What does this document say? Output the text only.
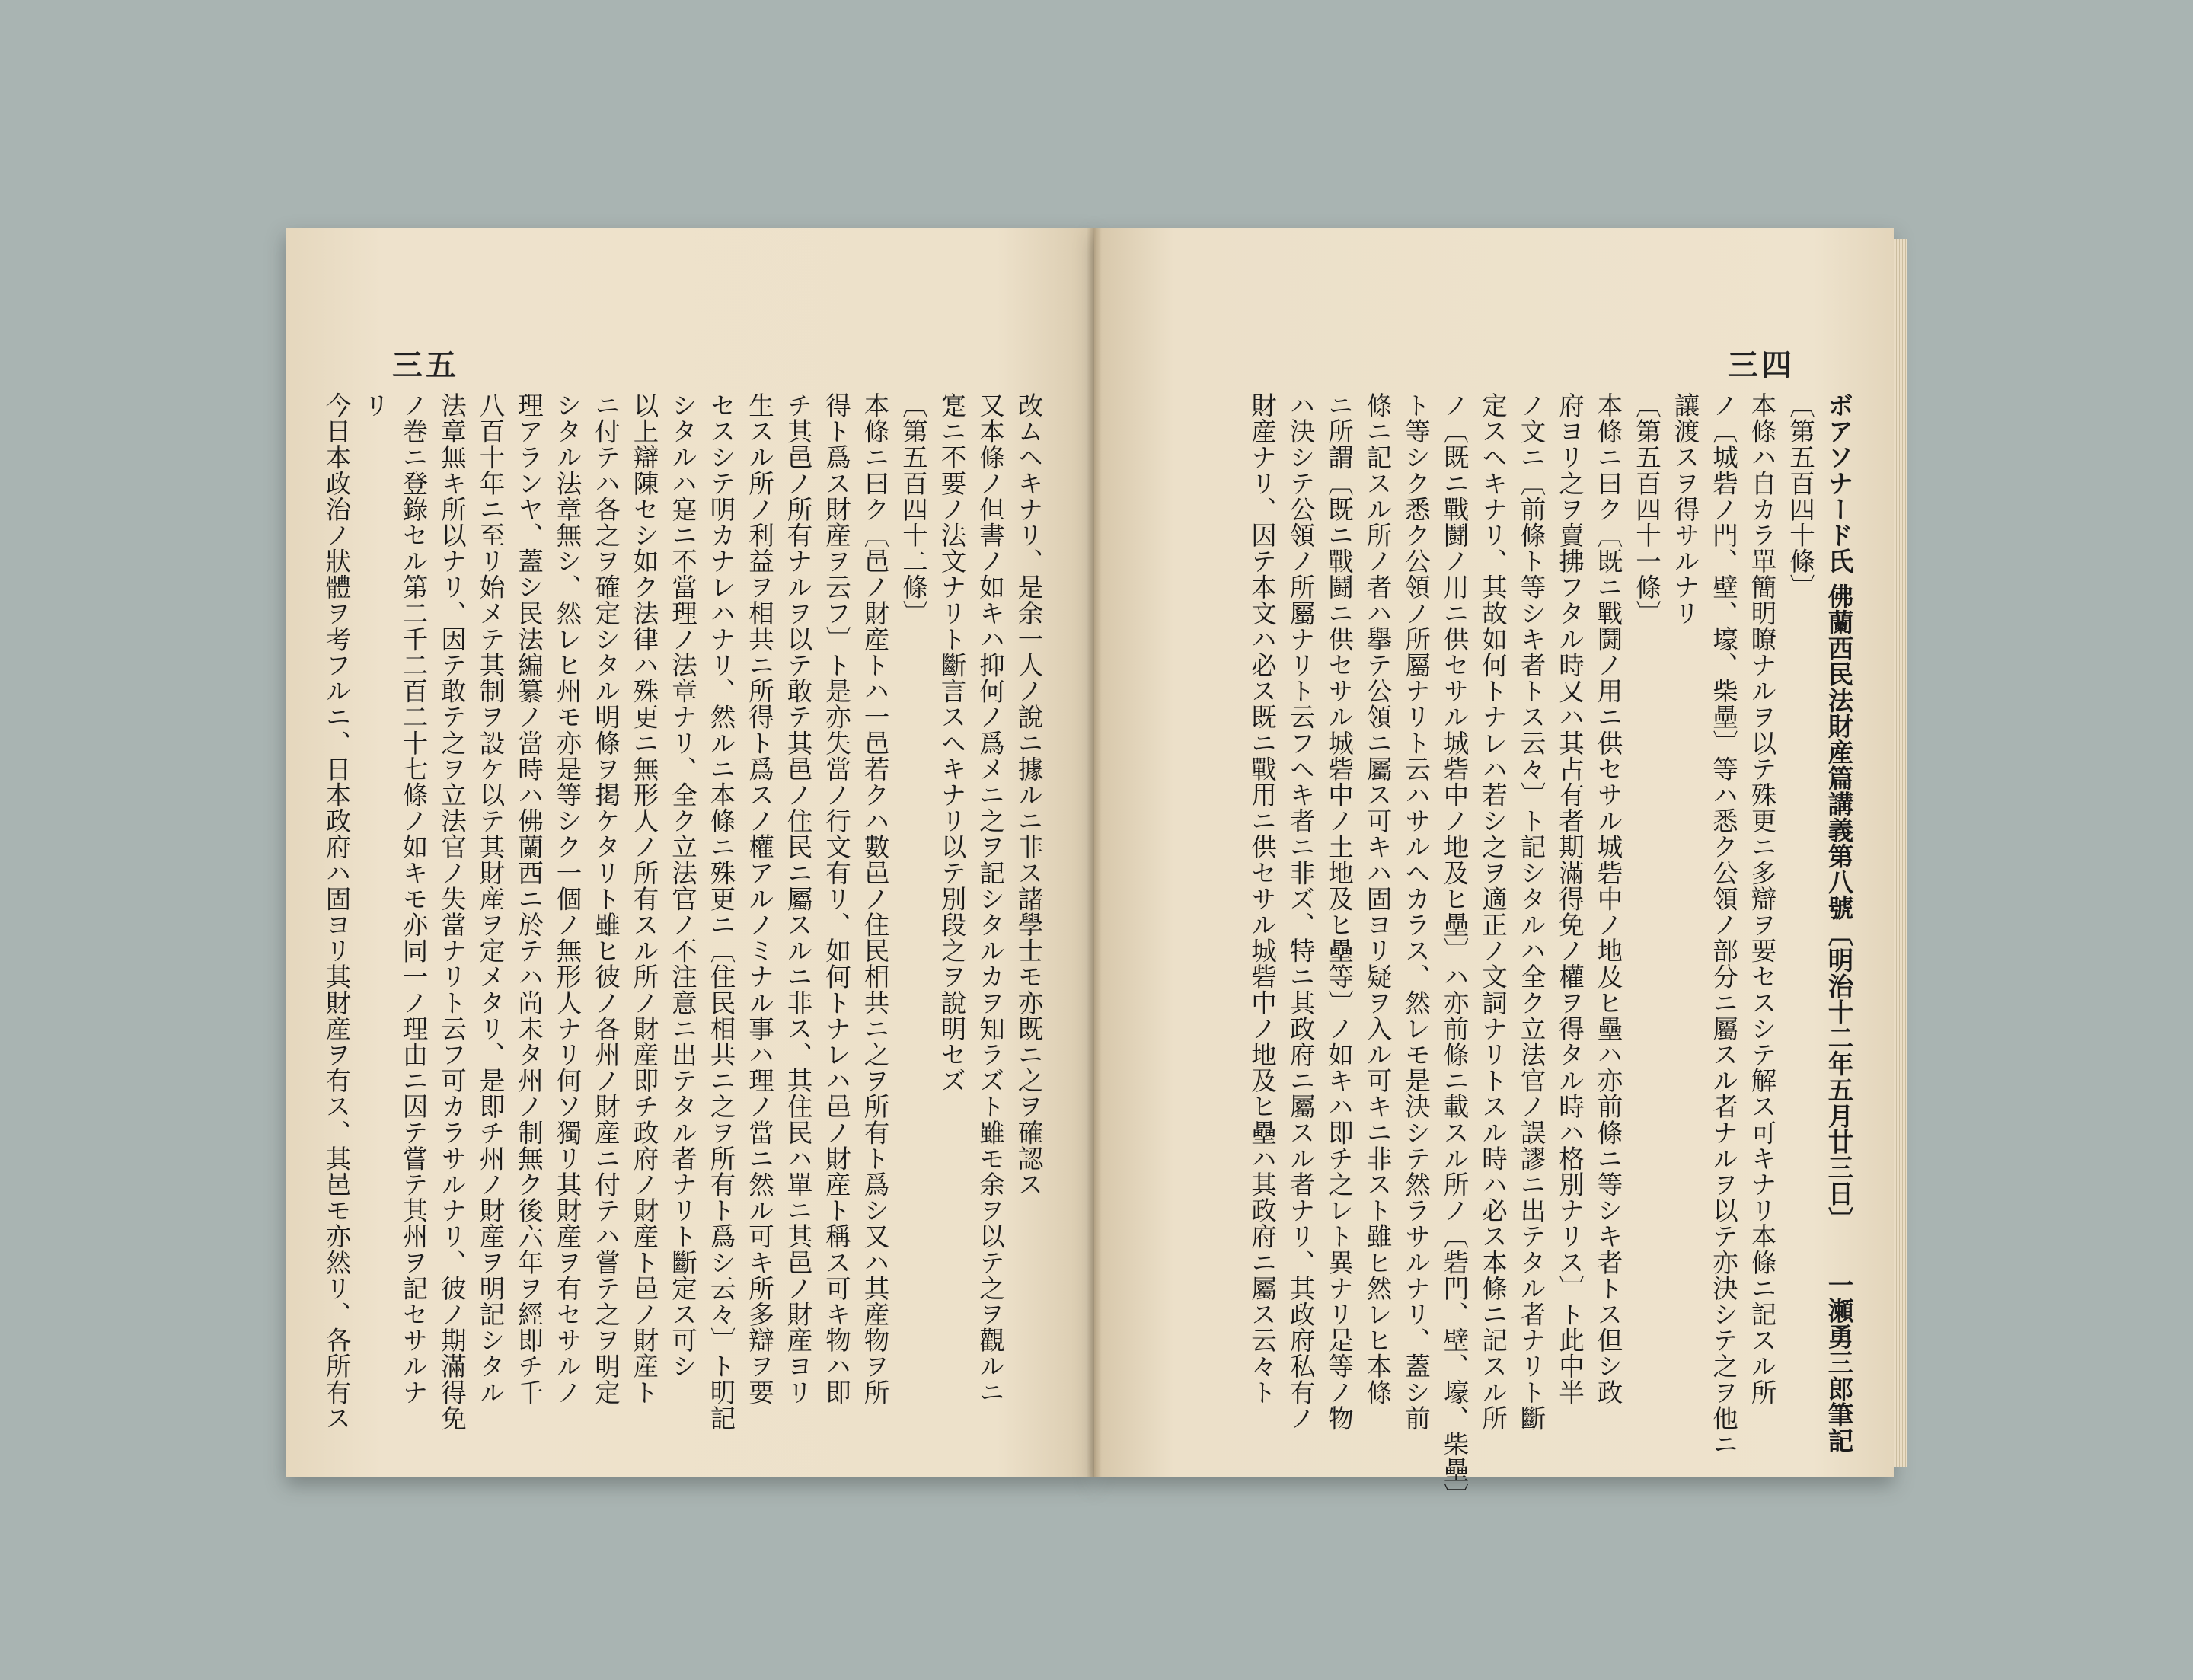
三五
改ムヘキナリ、是余一人ノ說ニ據ルニ非ス諸學士モ亦既ニ之ヲ確認ス
又本條ノ但書ノ如キハ抑何ノ爲メニ之ヲ記シタルカヲ知ラズト雖モ余ヲ以テ之ヲ觀ルニ
寔ニ不要ノ法文ナリト斷言スヘキナリ以テ別段之ヲ說明セズ
〔第五百四十二條〕
本條ニ曰ク〔邑ノ財産トハ一邑若クハ數邑ノ住民相共ニ之ヲ所有ト爲シ又ハ其産物ヲ所
得ト爲ス財産ヲ云フ〕ト是亦失當ノ行文有リ、如何トナレハ邑ノ財産ト稱ス可キ物ハ即
チ其邑ノ所有ナルヲ以テ敢テ其邑ノ住民ニ屬スルニ非ス、其住民ハ單ニ其邑ノ財産ヨリ
生スル所ノ利益ヲ相共ニ所得ト爲スノ權アルノミナル事ハ理ノ當ニ然ル可キ所多辯ヲ要
セスシテ明カナレハナリ、然ルニ本條ニ殊更ニ〔住民相共ニ之ヲ所有ト爲シ云々〕ト明記
シタルハ寔ニ不當理ノ法章ナリ、全ク立法官ノ不注意ニ出テタル者ナリト斷定ス可シ
以上辯陳セシ如ク法律ハ殊更ニ無形人ノ所有スル所ノ財産即チ政府ノ財産ト邑ノ財産ト
ニ付テハ各之ヲ確定シタル明條ヲ掲ケタリト雖ヒ彼ノ各州ノ財産ニ付テハ嘗テ之ヲ明定
シタル法章無シ、然レヒ州モ亦是等シク一個ノ無形人ナリ何ソ獨リ其財産ヲ有セサルノ
理アランヤ、蓋シ民法編纂ノ當時ハ佛蘭西ニ於テハ尚未タ州ノ制無ク後六年ヲ經即チ千
八百十年ニ至リ始メテ其制ヲ設ケ以テ其財産ヲ定メタリ、是即チ州ノ財産ヲ明記シタル
法章無キ所以ナリ、因テ敢テ之ヲ立法官ノ失當ナリト云フ可カラサルナリ、彼ノ期滿得免
ノ巻ニ登錄セル第二千二百二十七條ノ如キモ亦同一ノ理由ニ因テ嘗テ其州ヲ記セサルナ
リ
今日本政治ノ狀體ヲ考フルニ、日本政府ハ固ヨリ其財産ヲ有ス、其邑モ亦然リ、各所有ス
三四
ボアソナード氏 佛蘭西民法財産篇講義第八號〔明治十二年五月廿三日〕　　一瀬勇三郎筆記
〔第五百四十條〕
本條ハ自カラ單簡明瞭ナルヲ以テ殊更ニ多辯ヲ要セスシテ解ス可キナリ本條ニ記スル所
ノ〔城砦ノ門、壁、壕、柴壘〕等ハ悉ク公領ノ部分ニ屬スル者ナルヲ以テ亦決シテ之ヲ他ニ
讓渡スヲ得サルナリ
〔第五百四十一條〕
本條ニ曰ク〔既ニ戰鬪ノ用ニ供セサル城砦中ノ地及ヒ壘ハ亦前條ニ等シキ者トス但シ政
府ヨリ之ヲ賣拂フタル時又ハ其占有者期滿得免ノ權ヲ得タル時ハ格別ナリス〕ト此中半
ノ文ニ〔前條ト等シキ者トス云々〕ト記シタルハ全ク立法官ノ誤謬ニ出テタル者ナリト斷
定スヘキナリ、其故如何トナレハ若シ之ヲ適正ノ文詞ナリトスル時ハ必ス本條ニ記スル所
ノ〔既ニ戰鬪ノ用ニ供セサル城砦中ノ地及ヒ壘〕ハ亦前條ニ載スル所ノ〔砦門、壁、壕、柴壘〕
ト等シク悉ク公領ノ所屬ナリト云ハサルヘカラス、然レモ是決シテ然ラサルナリ、蓋シ前
條ニ記スル所ノ者ハ擧テ公領ニ屬ス可キハ固ヨリ疑ヲ入ル可キニ非スト雖ヒ然レヒ本條
ニ所謂〔既ニ戰鬪ニ供セサル城砦中ノ土地及ヒ壘等〕ノ如キハ即チ之レト異ナリ是等ノ物
ハ決シテ公領ノ所屬ナリト云フヘキ者ニ非ズ、特ニ其政府ニ屬スル者ナリ、其政府私有ノ
財産ナリ、因テ本文ハ必ス既ニ戰用ニ供セサル城砦中ノ地及ヒ壘ハ其政府ニ屬ス云々ト
